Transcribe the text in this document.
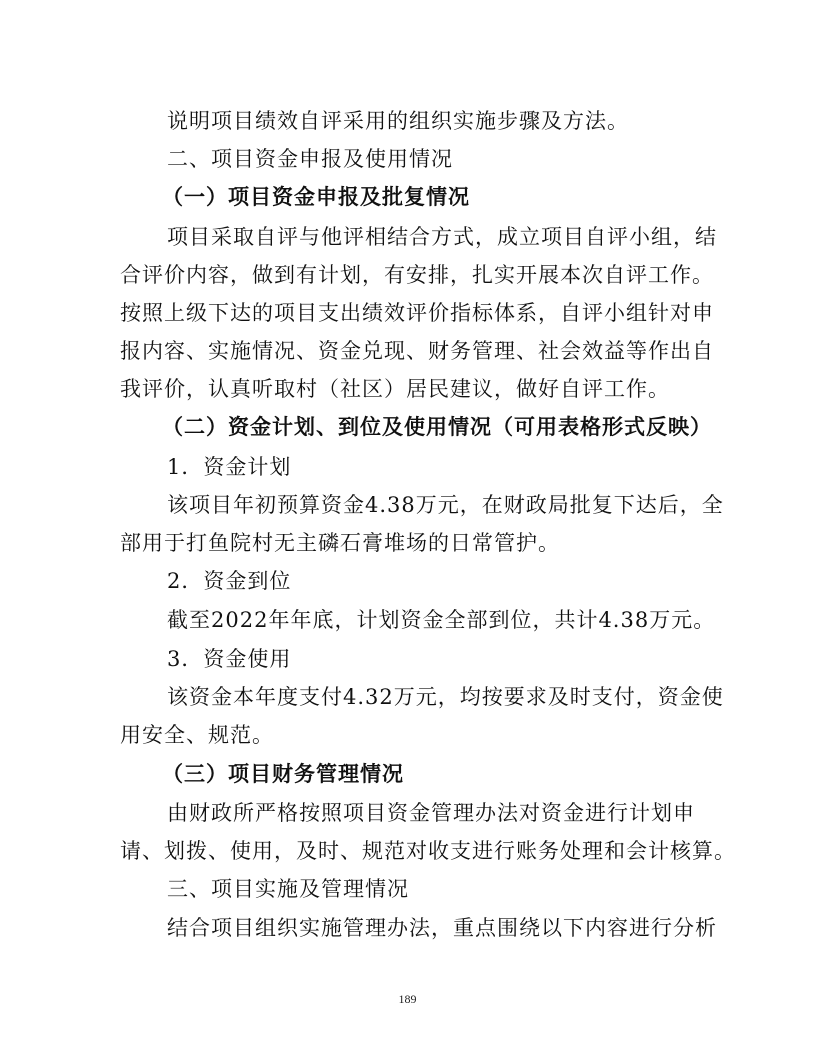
说明项目绩效自评采用的组织实施步骤及方法。
二、项目资金申报及使用情况
（一）项目资金申报及批复情况
项目采取自评与他评相结合方式，成立项目自评小组，结
合评价内容，做到有计划，有安排，扎实开展本次自评工作。
按照上级下达的项目支出绩效评价指标体系，自评小组针对申
报内容、实施情况、资金兑现、财务管理、社会效益等作出自
我评价，认真听取村（社区）居民建议，做好自评工作。
（二）资金计划、到位及使用情况（可用表格形式反映）
1．资金计划
该项目年初预算资金4.38万元，在财政局批复下达后，全
部用于打鱼院村无主磷石膏堆场的日常管护。
2．资金到位
截至2022年年底，计划资金全部到位，共计4.38万元。
3．资金使用
该资金本年度支付4.32万元，均按要求及时支付，资金使
用安全、规范。
（三）项目财务管理情况
由财政所严格按照项目资金管理办法对资金进行计划申
请、划拨、使用，及时、规范对收支进行账务处理和会计核算。
三、项目实施及管理情况
结合项目组织实施管理办法，重点围绕以下内容进行分析
189
